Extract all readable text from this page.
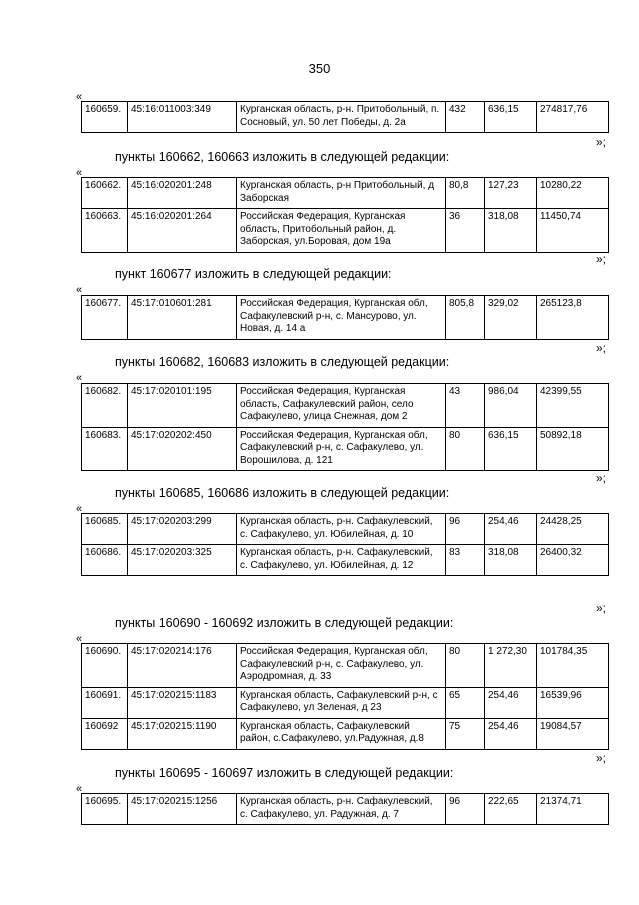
350
«
160659.	45:16:011003:349	Курганская область, р-н. Притобольный, п. Сосновый, ул. 50 лет Победы, д. 2а	432	636,15	274817,76
»;
пункты 160662, 160663 изложить в следующей редакции:
«
160662.	45:16:020201:248	Курганская область, р-н Притобольный, д Заборская	80,8	127,23	10280,22
160663.	45:16:020201:264	Российская Федерация, Курганская область, Притобольный район, д. Заборская, ул.Боровая, дом 19а	36	318,08	11450,74
»;
пункт 160677 изложить в следующей редакции:
«
160677.	45:17:010601:281	Российская Федерация, Курганская обл, Сафакулевский р-н, с. Мансурово, ул. Новая, д. 14 а	805,8	329,02	265123,8
»;
пункты 160682, 160683 изложить в следующей редакции:
«
160682.	45:17:020101:195	Российская Федерация, Курганская область, Сафакулевский район, село Сафакулево, улица Снежная, дом 2	43	986,04	42399,55
160683.	45:17:020202:450	Российская Федерация, Курганская обл, Сафакулевский р-н, с. Сафакулево, ул. Ворошилова, д. 121	80	636,15	50892,18
»;
пункты 160685, 160686 изложить в следующей редакции:
«
160685.	45:17:020203:299	Курганская область, р-н. Сафакулевский, с. Сафакулево, ул. Юбилейная, д. 10	96	254,46	24428,25
160686.	45:17:020203:325	Курганская область, р-н. Сафакулевский, с. Сафакулево, ул. Юбилейная, д. 12	83	318,08	26400,32
»;
пункты 160690 - 160692 изложить в следующей редакции:
«
160690.	45:17:020214:176	Российская Федерация, Курганская обл, Сафакулевский р-н, с. Сафакулево, ул. Аэродромная, д. 33	80	1 272,30	101784,35
160691.	45:17:020215:1183	Курганская область, Сафакулевский р-н, с Сафакулево, ул Зеленая, д 23	65	254,46	16539,96
160692	45:17:020215:1190	Курганская область, Сафакулевский район, с.Сафакулево, ул.Радужная, д.8	75	254,46	19084,57
»;
пункты 160695 - 160697 изложить в следующей редакции:
«
160695.	45:17:020215:1256	Курганская область, р-н. Сафакулевский, с. Сафакулево, ул. Радужная, д. 7	96	222,65	21374,71
